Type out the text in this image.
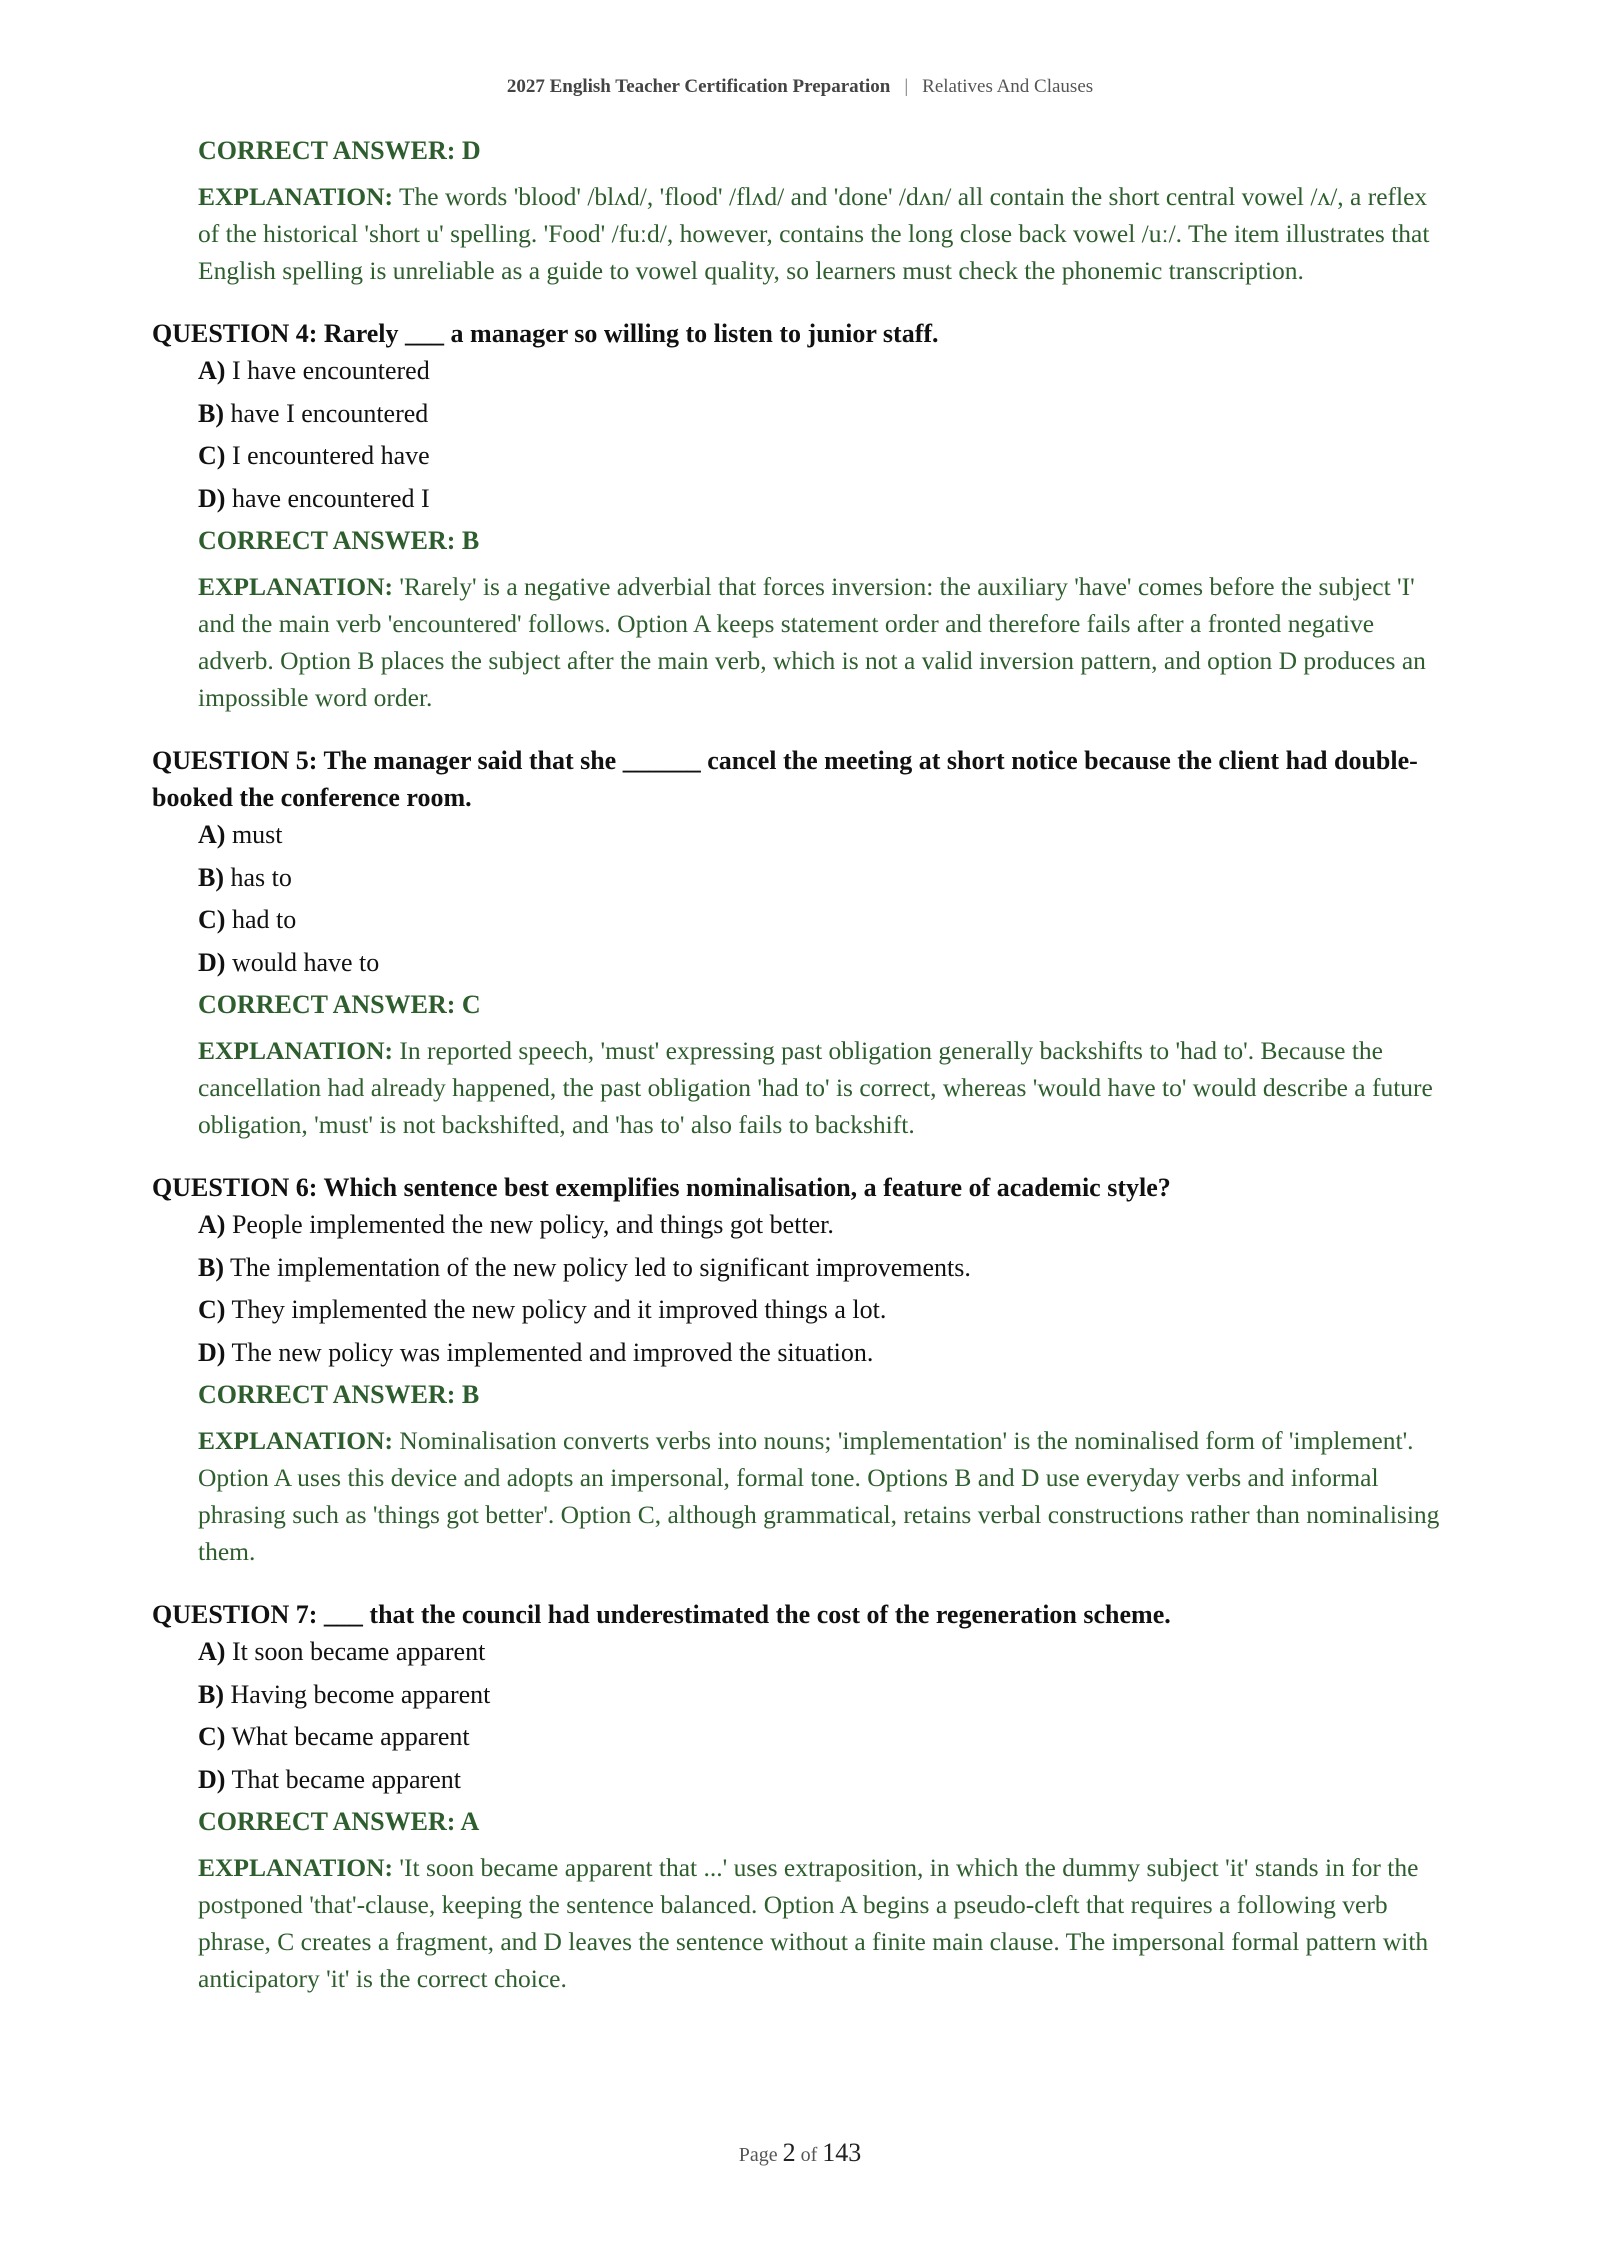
2027 English Teacher Certification Preparation | Relatives And Clauses

CORRECT ANSWER: D

EXPLANATION: The words 'blood' /blʌd/, 'flood' /flʌd/ and 'done' /dʌn/ all contain the short central vowel /ʌ/, a reflex of the historical 'short u' spelling. 'Food' /fuːd/, however, contains the long close back vowel /uː/. The item illustrates that English spelling is unreliable as a guide to vowel quality, so learners must check the phonemic transcription.

QUESTION 4: Rarely ___ a manager so willing to listen to junior staff.

A) I have encountered
B) have I encountered
C) I encountered have
D) have encountered I

CORRECT ANSWER: B

EXPLANATION: 'Rarely' is a negative adverbial that forces inversion: the auxiliary 'have' comes before the subject 'I' and the main verb 'encountered' follows. Option A keeps statement order and therefore fails after a fronted negative adverb. Option B places the subject after the main verb, which is not a valid inversion pattern, and option D produces an impossible word order.

QUESTION 5: The manager said that she ______ cancel the meeting at short notice because the client had double-booked the conference room.

A) must
B) has to
C) had to
D) would have to

CORRECT ANSWER: C

EXPLANATION: In reported speech, 'must' expressing past obligation generally backshifts to 'had to'. Because the cancellation had already happened, the past obligation 'had to' is correct, whereas 'would have to' would describe a future obligation, 'must' is not backshifted, and 'has to' also fails to backshift.

QUESTION 6: Which sentence best exemplifies nominalisation, a feature of academic style?

A) People implemented the new policy, and things got better.
B) The implementation of the new policy led to significant improvements.
C) They implemented the new policy and it improved things a lot.
D) The new policy was implemented and improved the situation.

CORRECT ANSWER: B

EXPLANATION: Nominalisation converts verbs into nouns; 'implementation' is the nominalised form of 'implement'. Option A uses this device and adopts an impersonal, formal tone. Options B and D use everyday verbs and informal phrasing such as 'things got better'. Option C, although grammatical, retains verbal constructions rather than nominalising them.

QUESTION 7: ___ that the council had underestimated the cost of the regeneration scheme.

A) It soon became apparent
B) Having become apparent
C) What became apparent
D) That became apparent

CORRECT ANSWER: A

EXPLANATION: 'It soon became apparent that ...' uses extraposition, in which the dummy subject 'it' stands in for the postponed 'that'-clause, keeping the sentence balanced. Option A begins a pseudo-cleft that requires a following verb phrase, C creates a fragment, and D leaves the sentence without a finite main clause. The impersonal formal pattern with anticipatory 'it' is the correct choice.

Page 2 of 143
